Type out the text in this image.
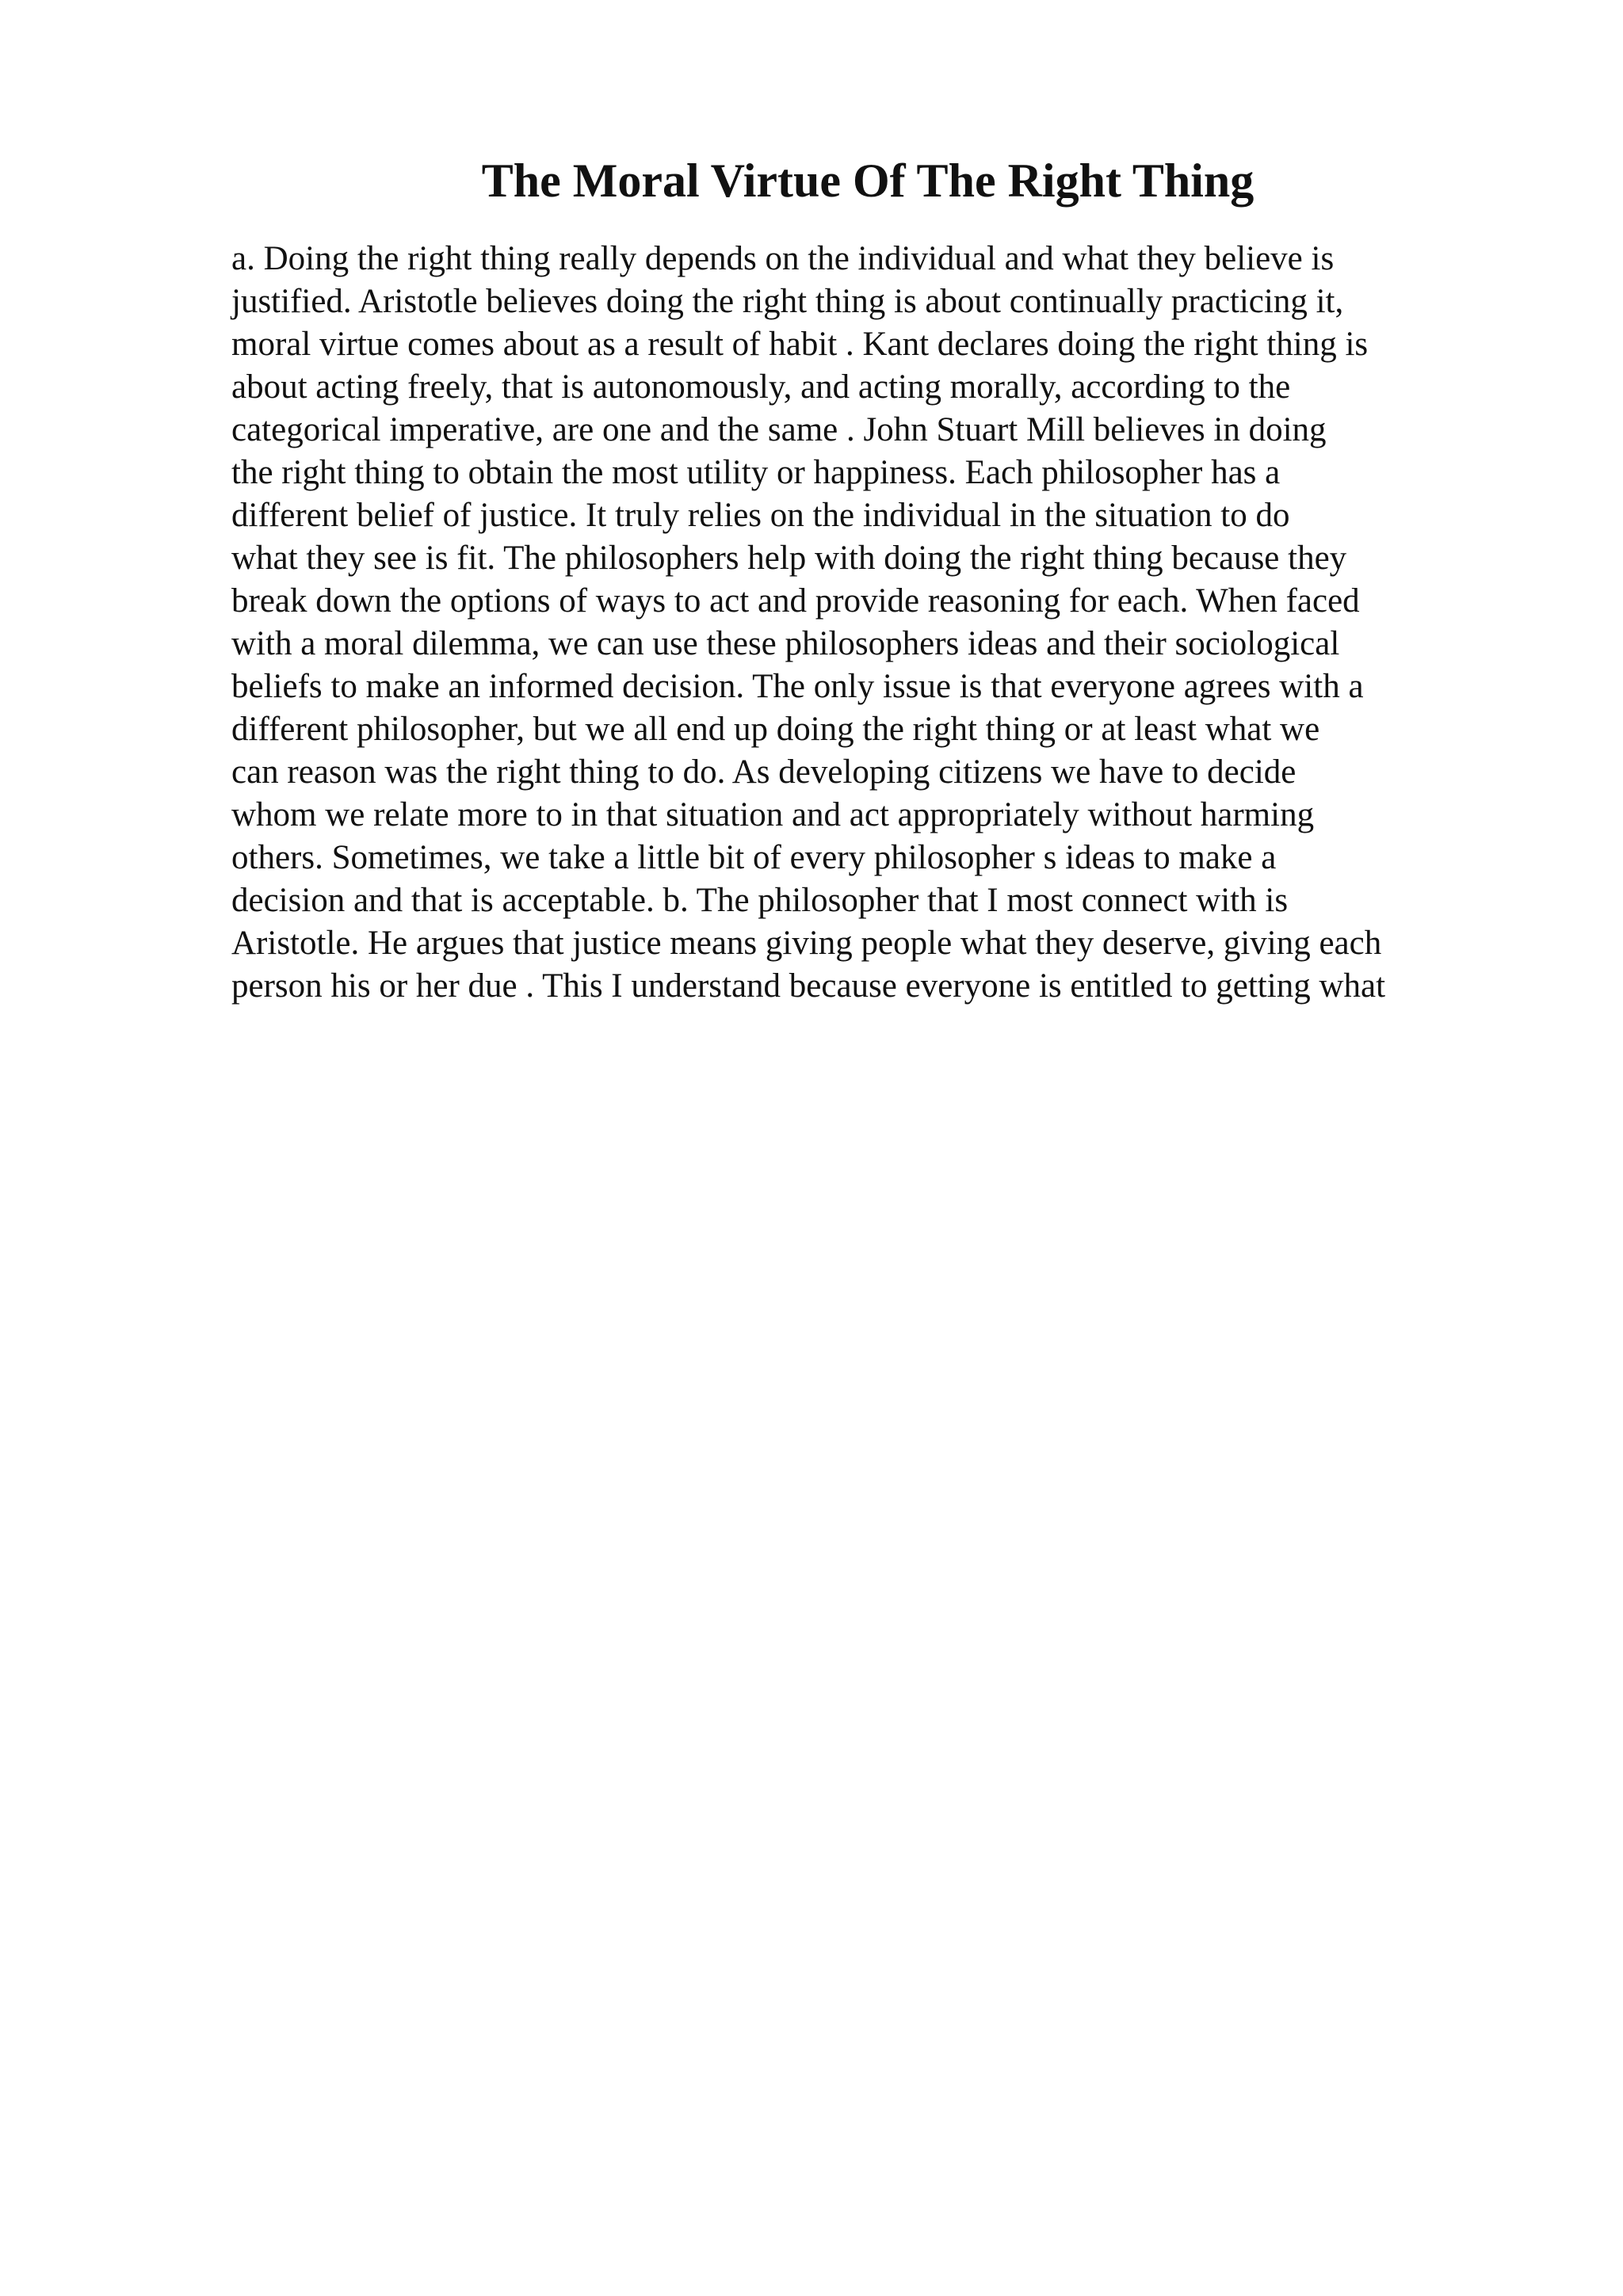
The Moral Virtue Of The Right Thing
a. Doing the right thing really depends on the individual and what they believe is
justified. Aristotle believes doing the right thing is about continually practicing it,
moral virtue comes about as a result of habit . Kant declares doing the right thing is
about acting freely, that is autonomously, and acting morally, according to the
categorical imperative, are one and the same . John Stuart Mill believes in doing
the right thing to obtain the most utility or happiness. Each philosopher has a
different belief of justice. It truly relies on the individual in the situation to do
what they see is fit. The philosophers help with doing the right thing because they
break down the options of ways to act and provide reasoning for each. When faced
with a moral dilemma, we can use these philosophers ideas and their sociological
beliefs to make an informed decision. The only issue is that everyone agrees with a
different philosopher, but we all end up doing the right thing or at least what we
can reason was the right thing to do. As developing citizens we have to decide
whom we relate more to in that situation and act appropriately without harming
others. Sometimes, we take a little bit of every philosopher s ideas to make a
decision and that is acceptable. b. The philosopher that I most connect with is
Aristotle. He argues that justice means giving people what they deserve, giving each
person his or her due . This I understand because everyone is entitled to getting what
